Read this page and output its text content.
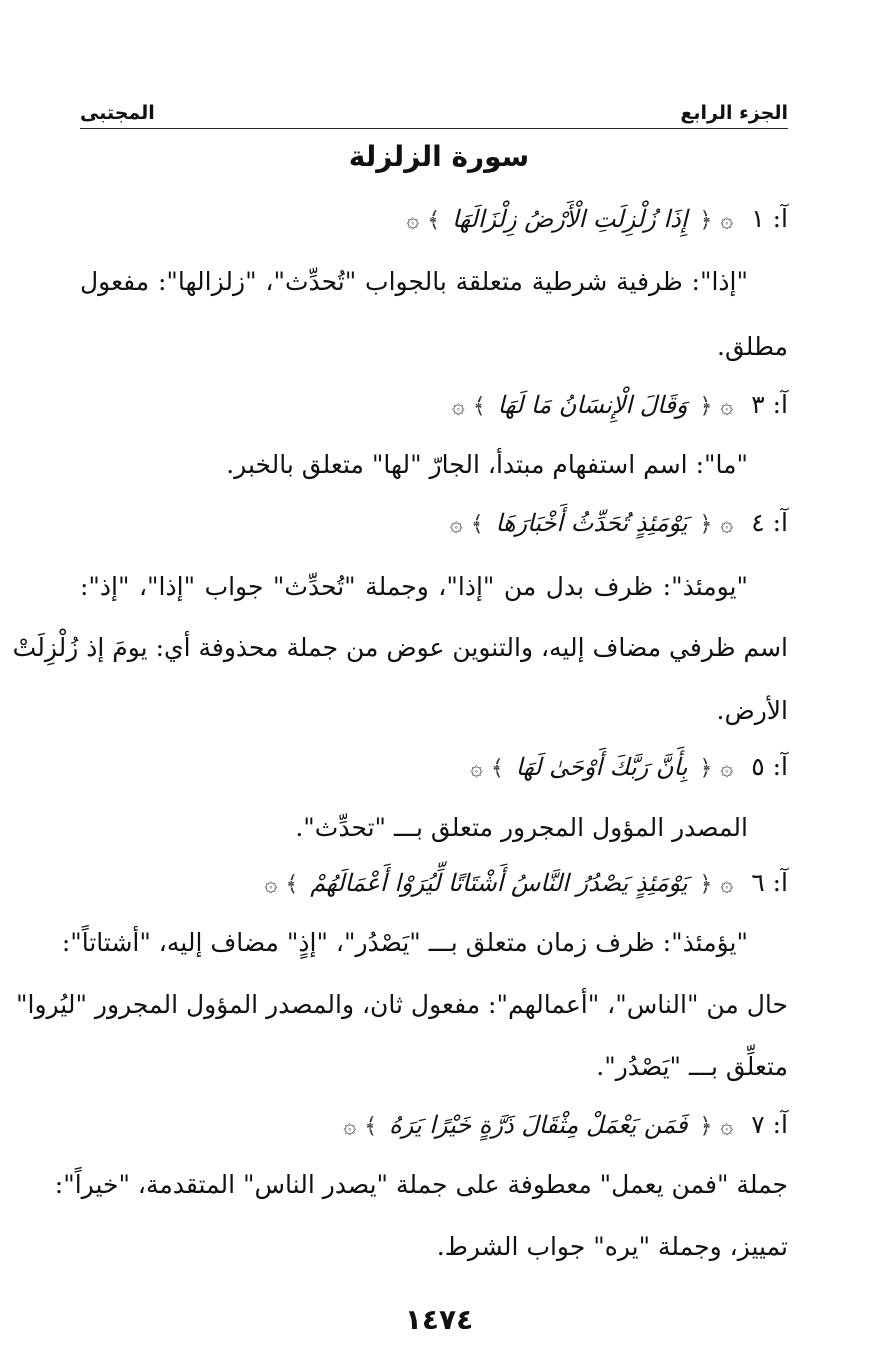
الجزء الرابع
المجتبى
سورة الزلزلة
آ: ١ ۞﴿ إِذَا زُلْزِلَتِ الْأَرْضُ زِلْزَالَهَا ﴾۞
"إذا": ظرفية شرطية متعلقة بالجواب "تُحدِّث"، "زلزالها": مفعول
مطلق.
آ: ٣ ۞﴿ وَقَالَ الْإِنسَانُ مَا لَهَا ﴾۞
"ما": اسم استفهام مبتدأ، الجارّ "لها" متعلق بالخبر.
آ: ٤ ۞﴿ يَوْمَئِذٍ تُحَدِّثُ أَخْبَارَهَا ﴾۞
"يومئذ": ظرف بدل من "إذا"، وجملة "تُحدِّث" جواب "إذا"، "إذ":
اسم ظرفي مضاف إليه، والتنوين عوض من جملة محذوفة أي: يومَ إذ زُلْزِلَتْ
الأرض.
آ: ٥ ۞﴿ بِأَنَّ رَبَّكَ أَوْحَىٰ لَهَا ﴾۞
المصدر المؤول المجرور متعلق بـــ "تحدِّث".
آ: ٦ ۞﴿ يَوْمَئِذٍ يَصْدُرُ النَّاسُ أَشْتَاتًا لِّيُرَوْا أَعْمَالَهُمْ ﴾۞
"يؤمئذ": ظرف زمان متعلق بـــ "يَصْدُر"، "إذٍ" مضاف إليه، "أشتاتاً":
حال من "الناس"، "أعمالهم": مفعول ثان، والمصدر المؤول المجرور "ليُروا"
متعلِّق بـــ "يَصْدُر".
آ: ٧ ۞﴿ فَمَن يَعْمَلْ مِثْقَالَ ذَرَّةٍ خَيْرًا يَرَهُ ﴾۞
جملة "فمن يعمل" معطوفة على جملة "يصدر الناس" المتقدمة، "خيراً":
تمييز، وجملة "يره" جواب الشرط.
١٤٧٤
